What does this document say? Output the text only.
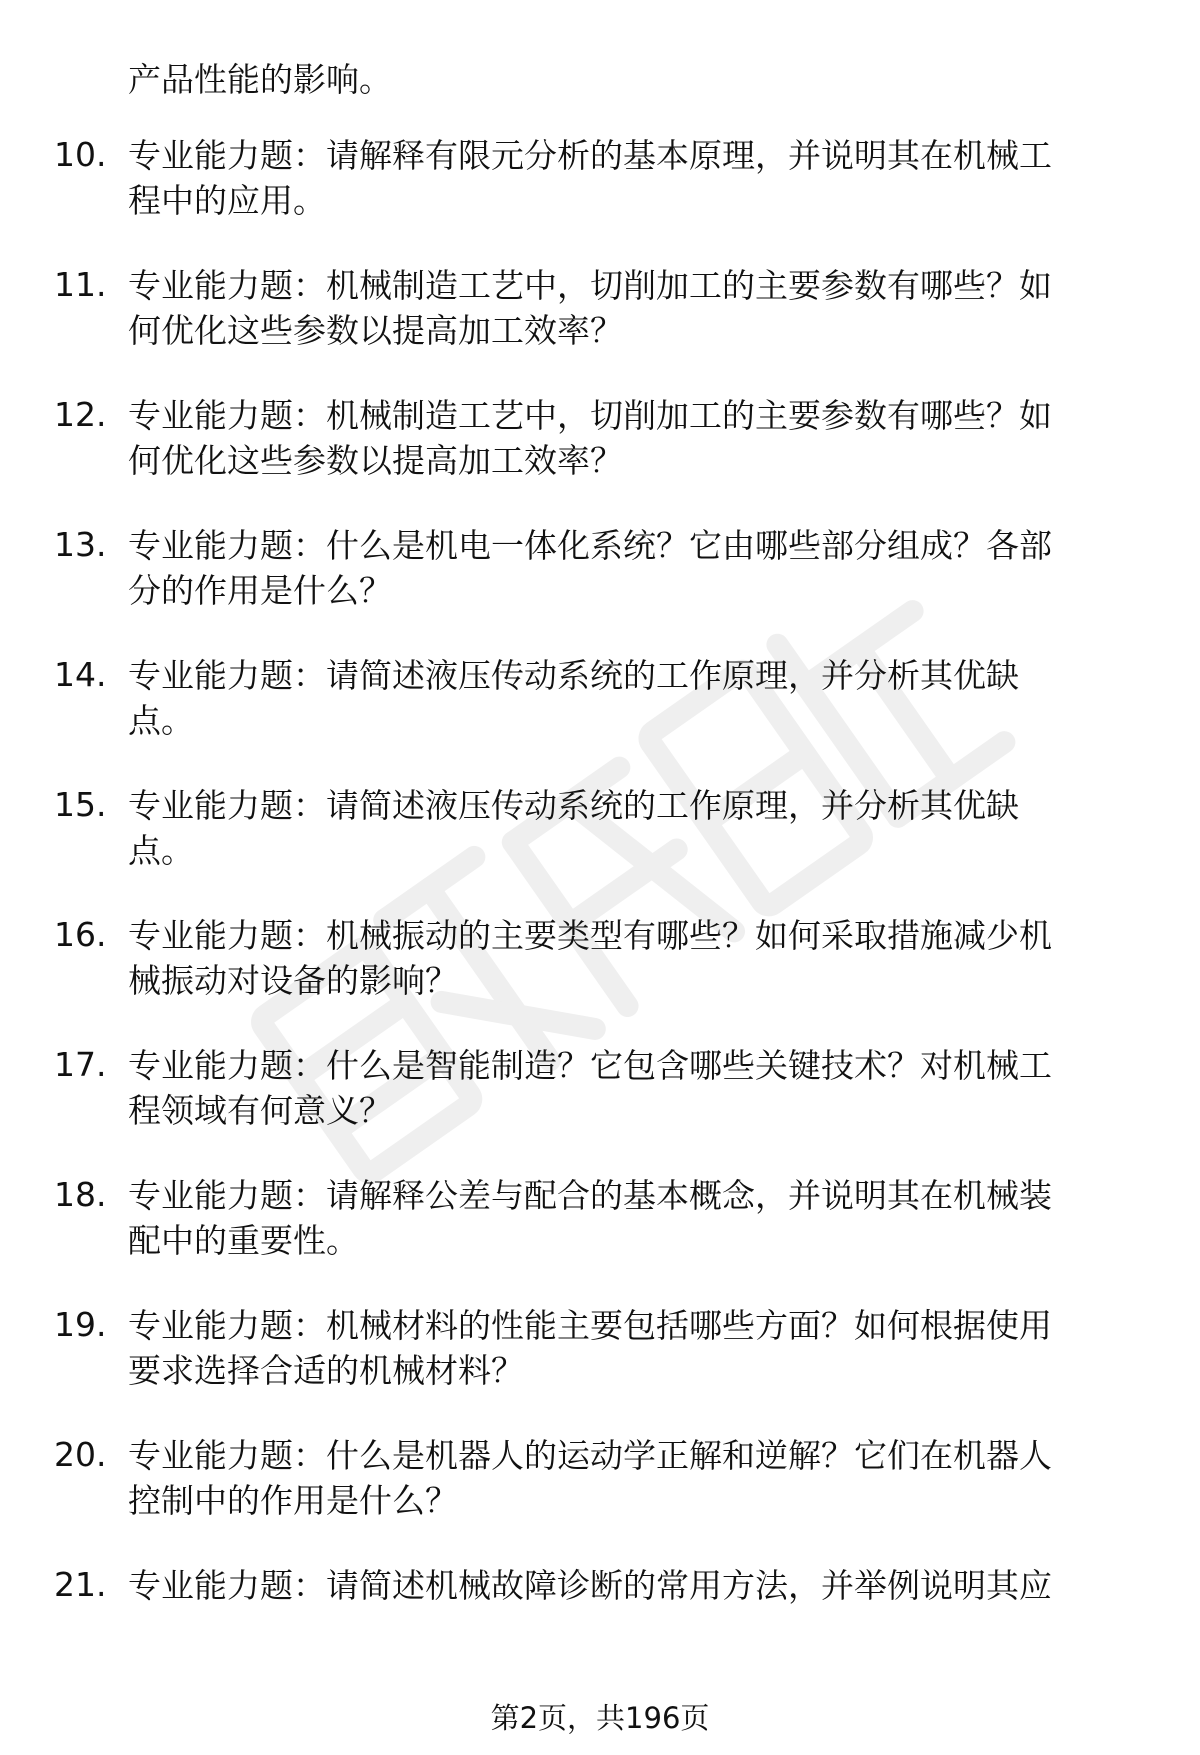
产品性能的影响。
10. 专业能力题：请解释有限元分析的基本原理，并说明其在机械工
程中的应用。
11. 专业能力题：机械制造工艺中，切削加工的主要参数有哪些？如
何优化这些参数以提高加工效率？
12. 专业能力题：机械制造工艺中，切削加工的主要参数有哪些？如
何优化这些参数以提高加工效率？
13. 专业能力题：什么是机电一体化系统？它由哪些部分组成？各部
分的作用是什么？
14. 专业能力题：请简述液压传动系统的工作原理，并分析其优缺
点。
15. 专业能力题：请简述液压传动系统的工作原理，并分析其优缺
点。
16. 专业能力题：机械振动的主要类型有哪些？如何采取措施减少机
械振动对设备的影响？
17. 专业能力题：什么是智能制造？它包含哪些关键技术？对机械工
程领域有何意义？
18. 专业能力题：请解释公差与配合的基本概念，并说明其在机械装
配中的重要性。
19. 专业能力题：机械材料的性能主要包括哪些方面？如何根据使用
要求选择合适的机械材料？
20. 专业能力题：什么是机器人的运动学正解和逆解？它们在机器人
控制中的作用是什么？
21. 专业能力题：请简述机械故障诊断的常用方法，并举例说明其应
第2页，共196页
